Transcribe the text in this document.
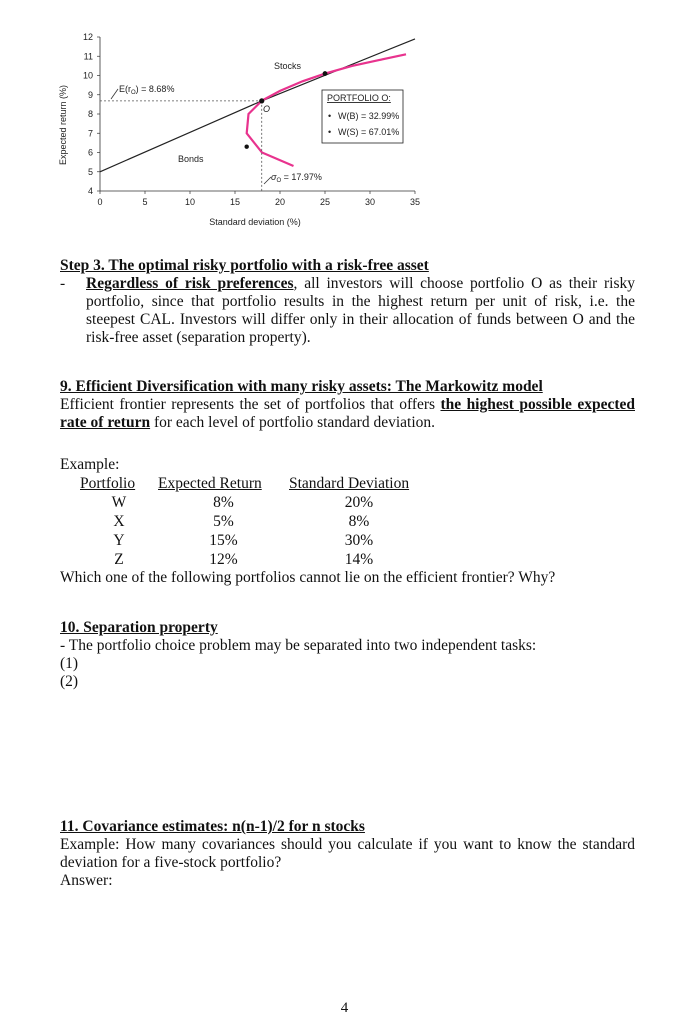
0	5	10	15	20	25	30	35
4
5
6
7
8
9
10
11
12
Stocks
Bonds
O
$E(r_O) = 8.68\%$
$\sigma_O = 17.97\%$
PORTFOLIO O:
• W(B) = 32.99%
• W(S) = 67.01%
Standard deviation (%)
Expected return (%)
Step 3. The optimal risky portfolio with a risk-free asset
-	Regardless of risk preferences, all investors will choose portfolio O as their risky portfolio, since that portfolio results in the highest return per unit of risk, i.e. the steepest CAL. Investors will differ only in their allocation of funds between O and the risk-free asset (separation property).
9. Efficient Diversification with many risky assets: The Markowitz model
Efficient frontier represents the set of portfolios that offers the highest possible expected rate of return for each level of portfolio standard deviation.
Example:
Portfolio	Expected Return	Standard Deviation
W	8%	20%
X	5%	8%
Y	15%	30%
Z	12%	14%
Which one of the following portfolios cannot lie on the efficient frontier? Why?
10. Separation property
- The portfolio choice problem may be separated into two independent tasks:
(1)
(2)
11. Covariance estimates: n(n-1)/2 for n stocks
Example: How many covariances should you calculate if you want to know the standard deviation for a five-stock portfolio?
Answer:
4
